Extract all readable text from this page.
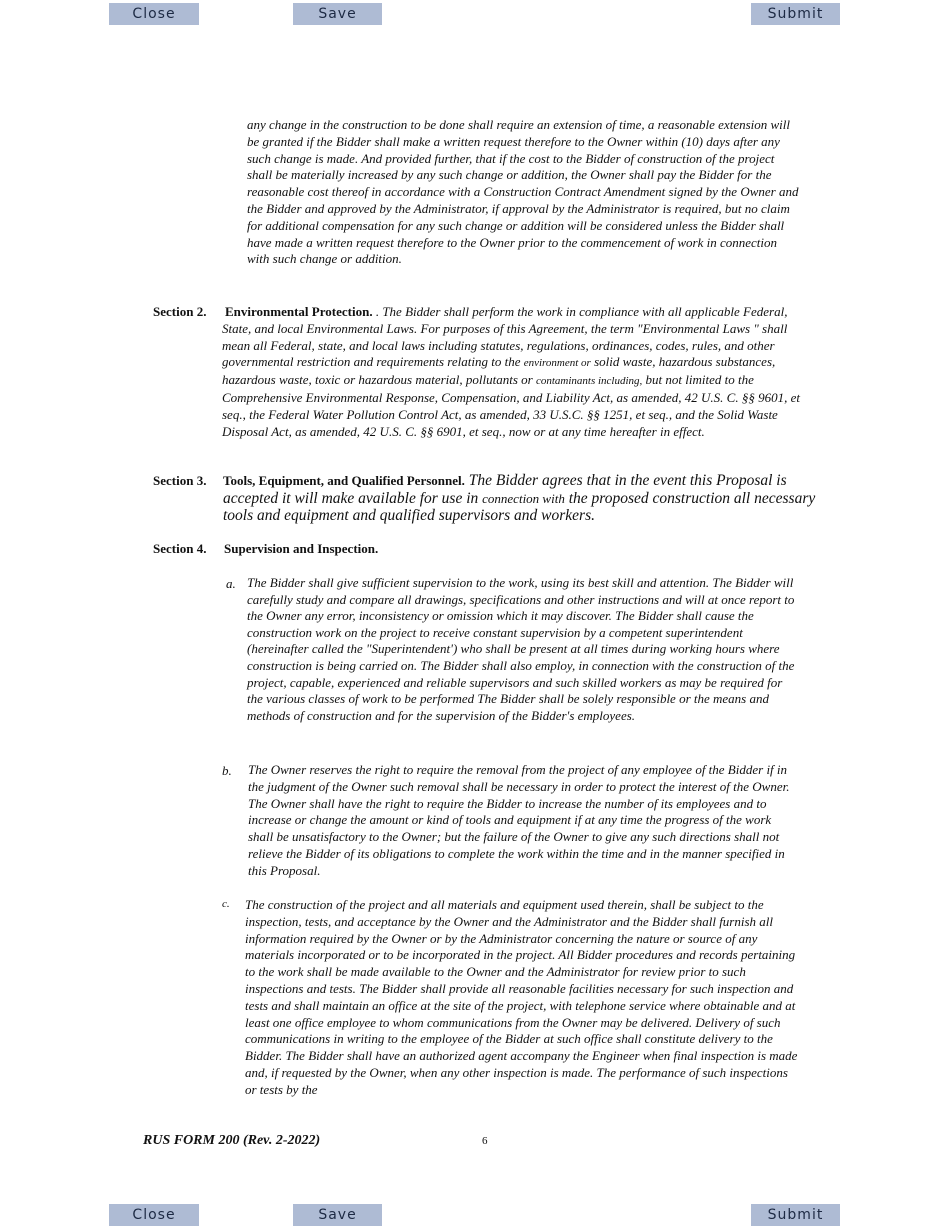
Close	Save	Submit

any change in the construction to be done shall require an extension of time, a reasonable extension will be granted if the Bidder shall make a written request therefore to the Owner within (10) days after any such change is made. And provided further, that if the cost to the Bidder of construction of the project shall be materially increased by any such change or addition, the Owner shall pay the Bidder for the reasonable cost thereof in accordance with a Construction Contract Amendment signed by the Owner and the Bidder and approved by the Administrator, if approval by the Administrator is required, but no claim for additional compensation for any such change or addition will be considered unless the Bidder shall have made a written request therefore to the Owner prior to the commencement of work in connection with such change or addition.

Section 2. Environmental Protection. . The Bidder shall perform the work in compliance with all applicable Federal, State, and local Environmental Laws. For purposes of this Agreement, the term "Environmental Laws " shall mean all Federal, state, and local laws including statutes, regulations, ordinances, codes, rules, and other governmental restriction and requirements relating to the environment or solid waste, hazardous substances, hazardous waste, toxic or hazardous material, pollutants or contaminants including, but not limited to the Comprehensive Environmental Response, Compensation, and Liability Act, as amended, 42 U.S. C. §§ 9601, et seq., the Federal Water Pollution Control Act, as amended, 33 U.S.C. §§ 1251, et seq., and the Solid Waste Disposal Act, as amended, 42 U.S. C. §§ 6901, et seq., now or at any time hereafter in effect.

Section 3. Tools, Equipment, and Qualified Personnel. The Bidder agrees that in the event this Proposal is accepted it will make available for use in connection with the proposed construction all necessary tools and equipment and qualified supervisors and workers.

Section 4. Supervision and Inspection.
a. The Bidder shall give sufficient supervision to the work, using its best skill and attention. The Bidder will carefully study and compare all drawings, specifications and other instructions and will at once report to the Owner any error, inconsistency or omission which it may discover. The Bidder shall cause the construction work on the project to receive constant supervision by a competent superintendent (hereinafter called the "Superintendent') who shall be present at all times during working hours where construction is being carried on. The Bidder shall also employ, in connection with the construction of the project, capable, experienced and reliable supervisors and such skilled workers as may be required for the various classes of work to be performed The Bidder shall be solely responsible or the means and methods of construction and for the supervision of the Bidder's employees.

b. The Owner reserves the right to require the removal from the project of any employee of the Bidder if in the judgment of the Owner such removal shall be necessary in order to protect the interest of the Owner. The Owner shall have the right to require the Bidder to increase the number of its employees and to increase or change the amount or kind of tools and equipment if at any time the progress of the work shall be unsatisfactory to the Owner; but the failure of the Owner to give any such directions shall not relieve the Bidder of its obligations to complete the work within the time and in the manner specified in this Proposal.

c. The construction of the project and all materials and equipment used therein, shall be subject to the inspection, tests, and acceptance by the Owner and the Administrator and the Bidder shall furnish all information required by the Owner or by the Administrator concerning the nature or source of any materials incorporated or to be incorporated in the project. All Bidder procedures and records pertaining to the work shall be made available to the Owner and the Administrator for review prior to such inspections and tests. The Bidder shall provide all reasonable facilities necessary for such inspection and tests and shall maintain an office at the site of the project, with telephone service where obtainable and at least one office employee to whom communications from the Owner may be delivered. Delivery of such communications in writing to the employee of the Bidder at such office shall constitute delivery to the Bidder. The Bidder shall have an authorized agent accompany the Engineer when final inspection is made and, if requested by the Owner, when any other inspection is made. The performance of such inspections or tests by the

RUS FORM 200 (Rev. 2-2022)	6
Close	Save	Submit
